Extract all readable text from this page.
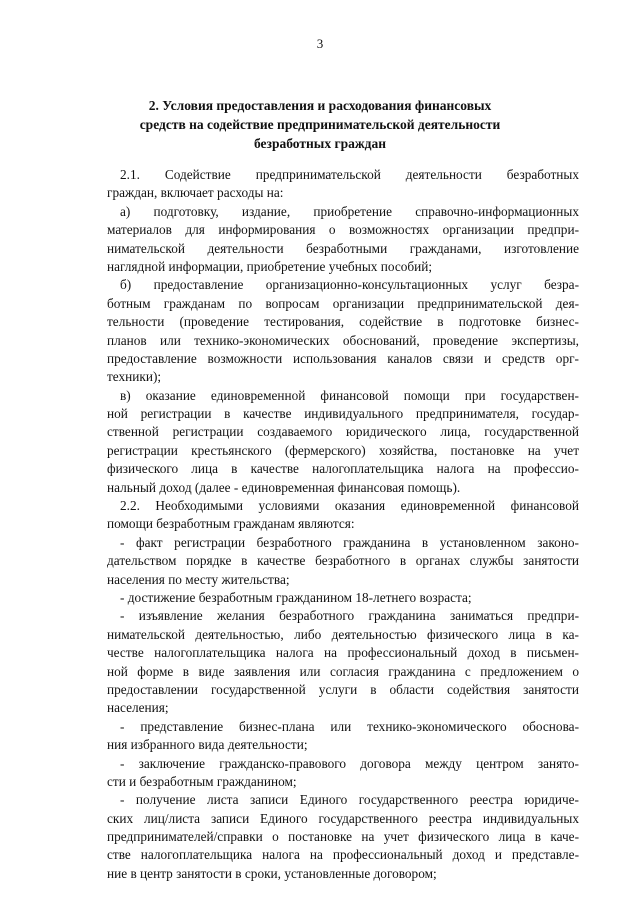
3
2. Условия предоставления и расходования финансовых
средств на содействие предпринимательской деятельности
безработных граждан
2.1. Содействие предпринимательской деятельности безработных
граждан, включает расходы на:
а) подготовку, издание, приобретение справочно-информационных
материалов для информирования о возможностях организации предпри-
нимательской деятельности безработными гражданами, изготовление
наглядной информации, приобретение учебных пособий;
б) предоставление организационно-консультационных услуг безра-
ботным гражданам по вопросам организации предпринимательской дея-
тельности (проведение тестирования, содействие в подготовке бизнес-
планов или технико-экономических обоснований, проведение экспертизы,
предоставление возможности использования каналов связи и средств орг-
техники);
в) оказание единовременной финансовой помощи при государствен-
ной регистрации в качестве индивидуального предпринимателя, государ-
ственной регистрации создаваемого юридического лица, государственной
регистрации крестьянского (фермерского) хозяйства, постановке на учет
физического лица в качестве налогоплательщика налога на профессио-
нальный доход (далее - единовременная финансовая помощь).
2.2. Необходимыми условиями оказания единовременной финансовой
помощи безработным гражданам являются:
- факт регистрации безработного гражданина в установленном законо-
дательством порядке в качестве безработного в органах службы занятости
населения по месту жительства;
- достижение безработным гражданином 18-летнего возраста;
- изъявление желания безработного гражданина заниматься предпри-
нимательской деятельностью, либо деятельностью физического лица в ка-
честве налогоплательщика налога на профессиональный доход в письмен-
ной форме в виде заявления или согласия гражданина с предложением о
предоставлении государственной услуги в области содействия занятости
населения;
- представление бизнес-плана или технико-экономического обоснова-
ния избранного вида деятельности;
- заключение гражданско-правового договора между центром занято-
сти и безработным гражданином;
- получение листа записи Единого государственного реестра юридиче-
ских лиц/листа записи Единого государственного реестра индивидуальных
предпринимателей/справки о постановке на учет физического лица в каче-
стве налогоплательщика налога на профессиональный доход и представле-
ние в центр занятости в сроки, установленные договором;
